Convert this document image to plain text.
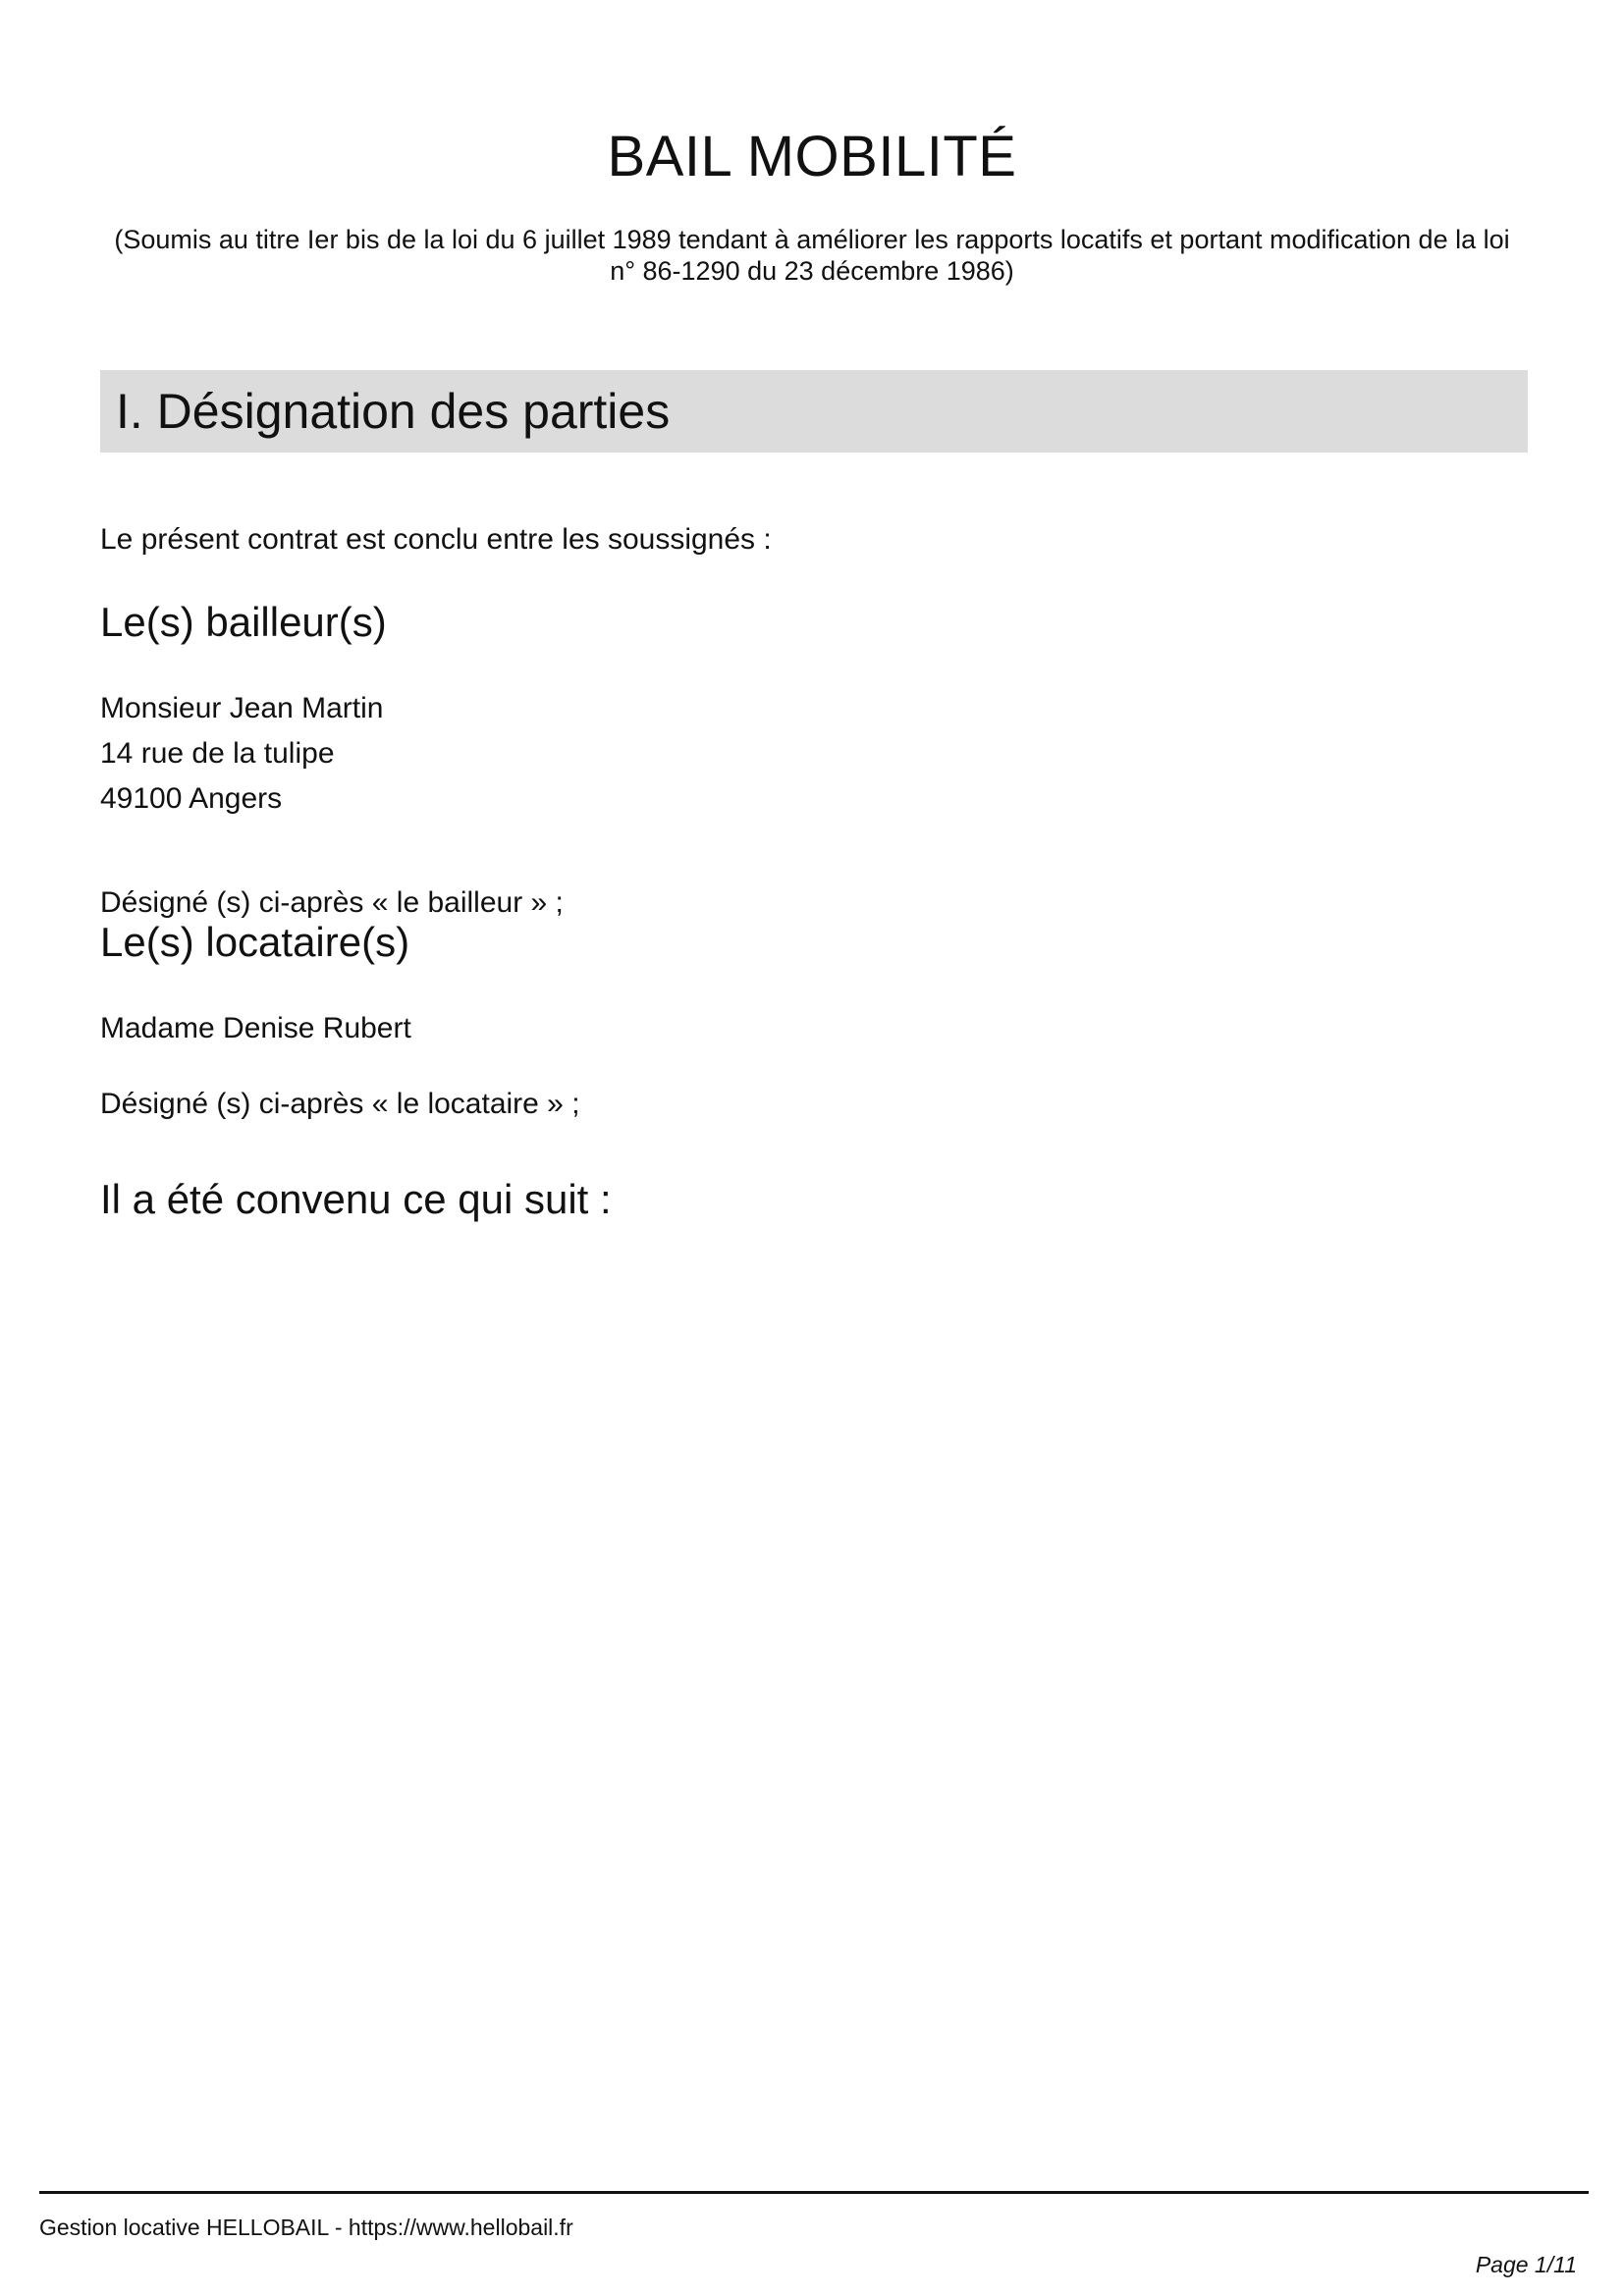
BAIL MOBILITÉ

(Soumis au titre Ier bis de la loi du 6 juillet 1989 tendant à améliorer les rapports locatifs et portant modification de la loi n° 86-1290 du 23 décembre 1986)

I. Désignation des parties

Le présent contrat est conclu entre les soussignés :

Le(s) bailleur(s)

Monsieur Jean Martin

14 rue de la tulipe

49100 Angers

Désigné (s) ci-après « le bailleur » ;

Le(s) locataire(s)

Madame Denise Rubert

Désigné (s) ci-après « le locataire » ;

Il a été convenu ce qui suit :

Gestion locative HELLOBAIL - https://www.hellobail.fr

Page 1/11
